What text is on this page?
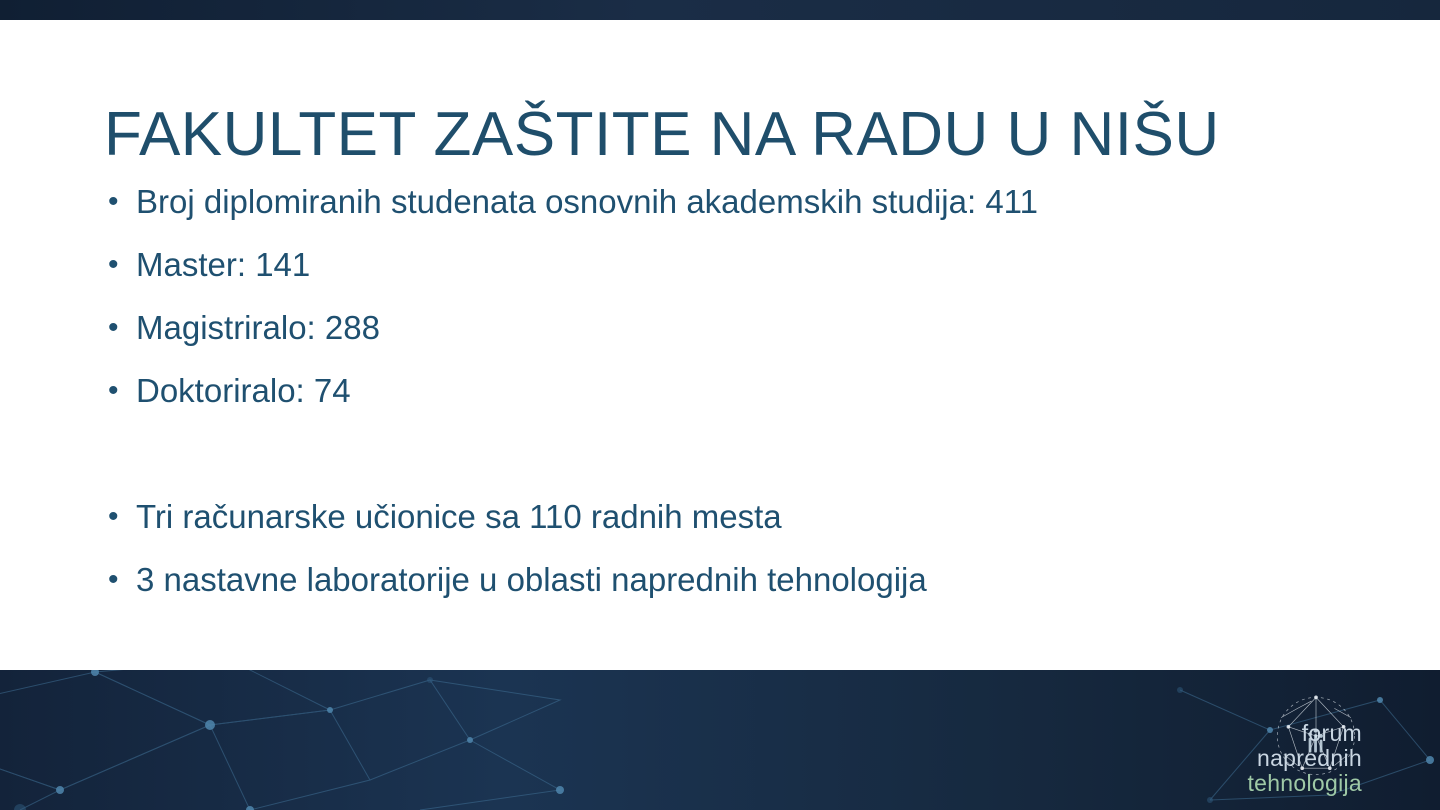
FAKULTET ZAŠTITE NA RADU U NIŠU
• Broj diplomiranih studenata osnovnih akademskih studija: 411
• Master: 141
• Magistriralo: 288
• Doktoriralo: 74
• Tri računarske učionice sa 110 radnih mesta
• 3 nastavne laboratorije u oblasti naprednih tehnologija
forum
naprednih
tehnologija
